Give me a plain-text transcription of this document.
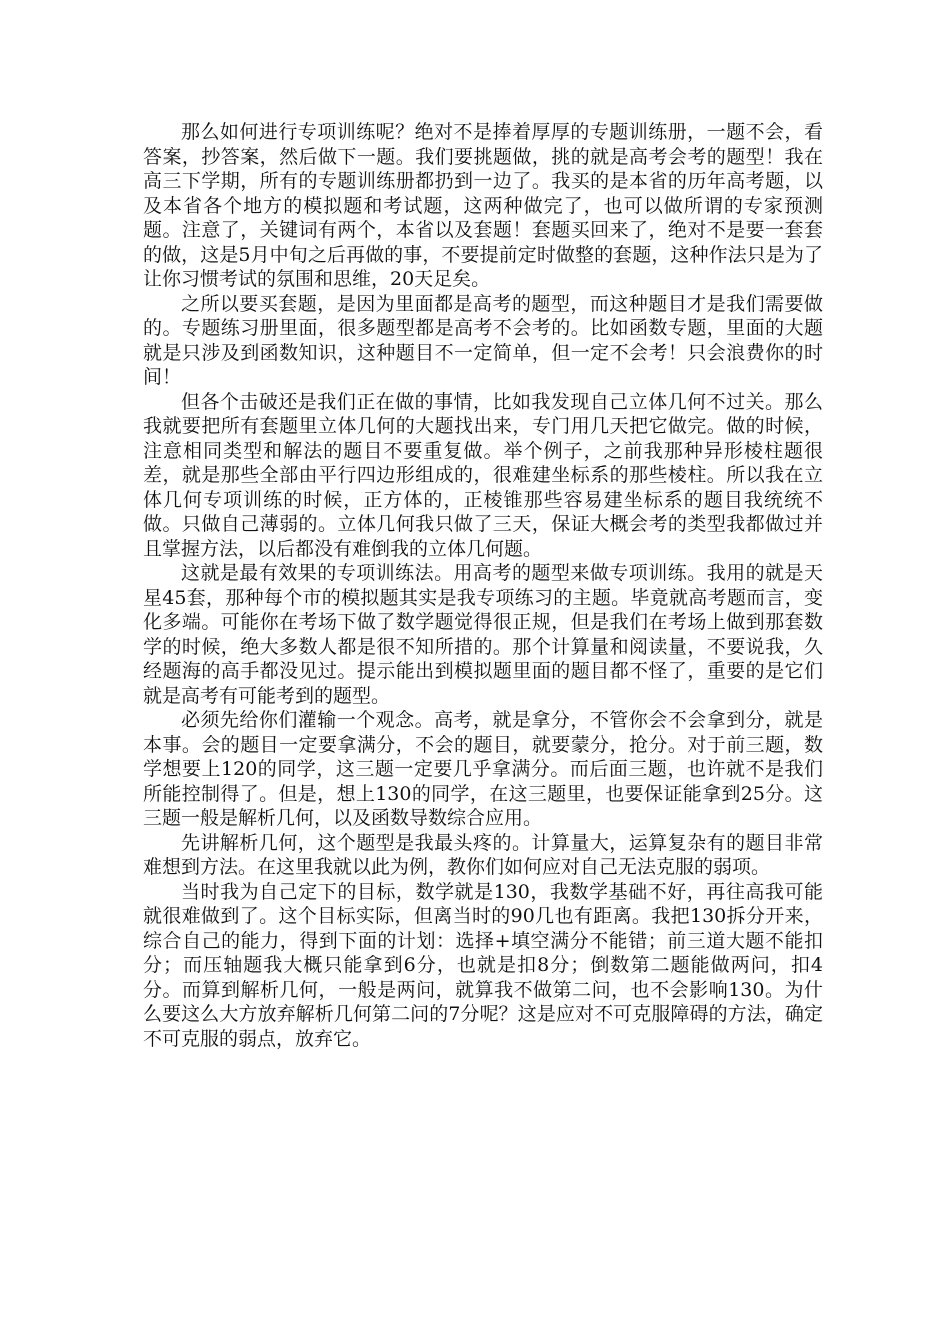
那么如何进行专项训练呢？绝对不是捧着厚厚的专题训练册，一题不会，看答案，抄答案，然后做下一题。我们要挑题做，挑的就是高考会考的题型！我在高三下学期，所有的专题训练册都扔到一边了。我买的是本省的历年高考题，以及本省各个地方的模拟题和考试题，这两种做完了，也可以做所谓的专家预测题。注意了，关键词有两个，本省以及套题！套题买回来了，绝对不是要一套套的做，这是5月中旬之后再做的事，不要提前定时做整的套题，这种作法只是为了让你习惯考试的氛围和思维，20天足矣。

之所以要买套题，是因为里面都是高考的题型，而这种题目才是我们需要做的。专题练习册里面，很多题型都是高考不会考的。比如函数专题，里面的大题就是只涉及到函数知识，这种题目不一定简单，但一定不会考！只会浪费你的时间！

但各个击破还是我们正在做的事情，比如我发现自己立体几何不过关。那么我就要把所有套题里立体几何的大题找出来，专门用几天把它做完。做的时候，注意相同类型和解法的题目不要重复做。举个例子，之前我那种异形棱柱题很差，就是那些全部由平行四边形组成的，很难建坐标系的那些棱柱。所以我在立体几何专项训练的时候，正方体的，正棱锥那些容易建坐标系的题目我统统不做。只做自己薄弱的。立体几何我只做了三天，保证大概会考的类型我都做过并且掌握方法，以后都没有难倒我的立体几何题。

这就是最有效果的专项训练法。用高考的题型来做专项训练。我用的就是天星45套，那种每个市的模拟题其实是我专项练习的主题。毕竟就高考题而言，变化多端。可能你在考场下做了数学题觉得很正规，但是我们在考场上做到那套数学的时候，绝大多数人都是很不知所措的。那个计算量和阅读量，不要说我，久经题海的高手都没见过。提示能出到模拟题里面的题目都不怪了，重要的是它们就是高考有可能考到的题型。

必须先给你们灌输一个观念。高考，就是拿分，不管你会不会拿到分，就是本事。会的题目一定要拿满分，不会的题目，就要蒙分，抢分。对于前三题，数学想要上120的同学，这三题一定要几乎拿满分。而后面三题，也许就不是我们所能控制得了。但是，想上130的同学，在这三题里，也要保证能拿到25分。这三题一般是解析几何，以及函数导数综合应用。

先讲解析几何，这个题型是我最头疼的。计算量大，运算复杂有的题目非常难想到方法。在这里我就以此为例，教你们如何应对自己无法克服的弱项。

当时我为自己定下的目标，数学就是130，我数学基础不好，再往高我可能就很难做到了。这个目标实际，但离当时的90几也有距离。我把130拆分开来，综合自己的能力，得到下面的计划：选择+填空满分不能错；前三道大题不能扣分；而压轴题我大概只能拿到6分，也就是扣8分；倒数第二题能做两问，扣4分。而算到解析几何，一般是两问，就算我不做第二问，也不会影响130。为什么要这么大方放弃解析几何第二问的7分呢？这是应对不可克服障碍的方法，确定不可克服的弱点，放弃它。
